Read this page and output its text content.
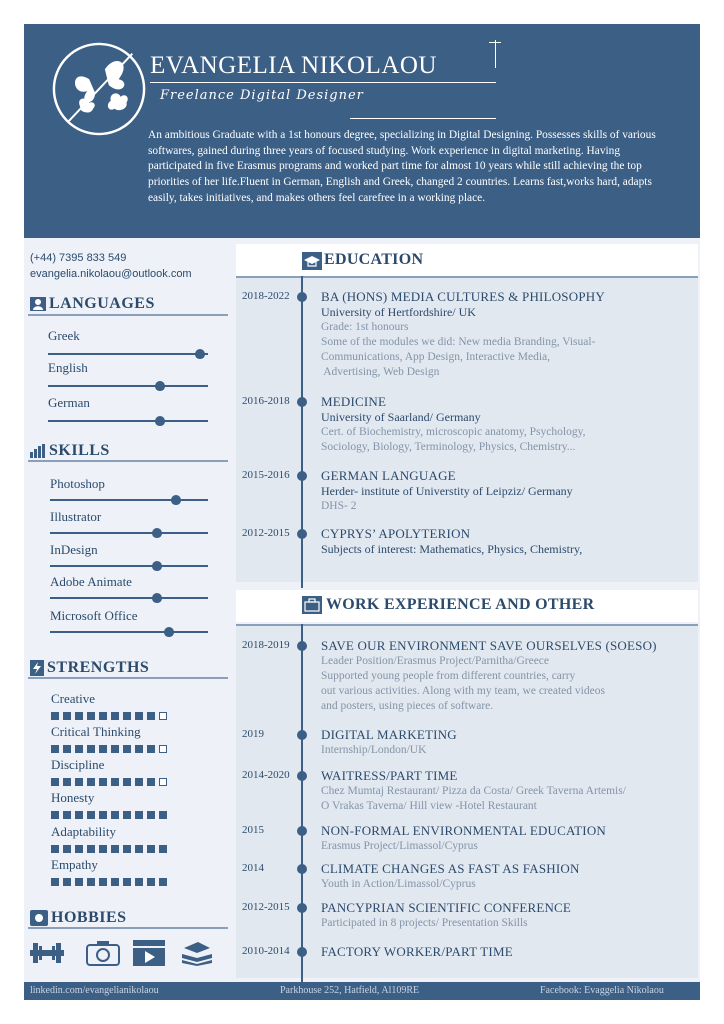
EVANGELIA NIKOLAOU
Freelance Digital Designer
An ambitious Graduate with a 1st honours degree, specializing in Digital Designing. Possesses skills of various softwares, gained during three years of focused studying. Work experience in digital marketing. Having participated in five Erasmus programs and worked part time for almost 10 years while still achieving the top priorities of her life.Fluent in German, English and Greek, changed 2 countries. Learns fast,works hard, adapts easily, takes initiatives, and makes others feel carefree in a working place.
(+44) 7395 833 549
evangelia.nikolaou@outlook.com
LANGUAGES
SKILLS
STRENGTHS
HOBBIES
EDUCATION
WORK EXPERIENCE AND OTHER
linkedin.com/evangelianikolaou	Parkhouse 252, Hatfield, Al109RE	Facebook: Evaggelia Nikolaou
Greek
English
German
Photoshop
Illustrator
InDesign
Adobe Animate
Microsoft Office
Creative
Critical Thinking
Discipline
Honesty
Adaptability
Empathy
2018-2022 BA (HONS) MEDIA CULTURES & PHILOSOPHY
University of Hertfordshire/ UK
Grade: 1st honours
Some of the modules we did: New media Branding, Visual-
Communications, App Design, Interactive Media,
Advertising, Web Design
2016-2018 MEDICINE
University of Saarland/ Germany
Cert. of Biochemistry, microscopic anatomy, Psychology,
Sociology, Biology, Terminology, Physics, Chemistry...
2015-2016 GERMAN LANGUAGE
Herder- institute of Universtity of Leipziz/ Germany
DHS- 2
2012-2015 CYPRYS’ APOLYTERION
Subjects of interest: Mathematics, Physics, Chemistry,
2018-2019 SAVE OUR ENVIRONMENT SAVE OURSELVES (SOESO)
Leader Position/Erasmus Project/Parnitha/Greece
Supported young people from different countries, carry
out various activities. Along with my team, we created videos
and posters, using pieces of software.
2019	DIGITAL MARKETING
Internship/London/UK
2014-2020 WAITRESS/PART TIME
Chez Mumtaj Restaurant/ Pizza da Costa/ Greek Taverna Artemis/
O Vrakas Taverna/ Hill view -Hotel Restaurant
2015	NON-FORMAL ENVIRONMENTAL EDUCATION
Erasmus Project/Limassol/Cyprus
2014	CLIMATE CHANGES AS FAST AS FASHION
Youth in Action/Limassol/Cyprus
2012-2015 PANCYPRIAN SCIENTIFIC CONFERENCE
Participated in 8 projects/ Presentation Skills
2010-2014 FACTORY WORKER/PART TIME
